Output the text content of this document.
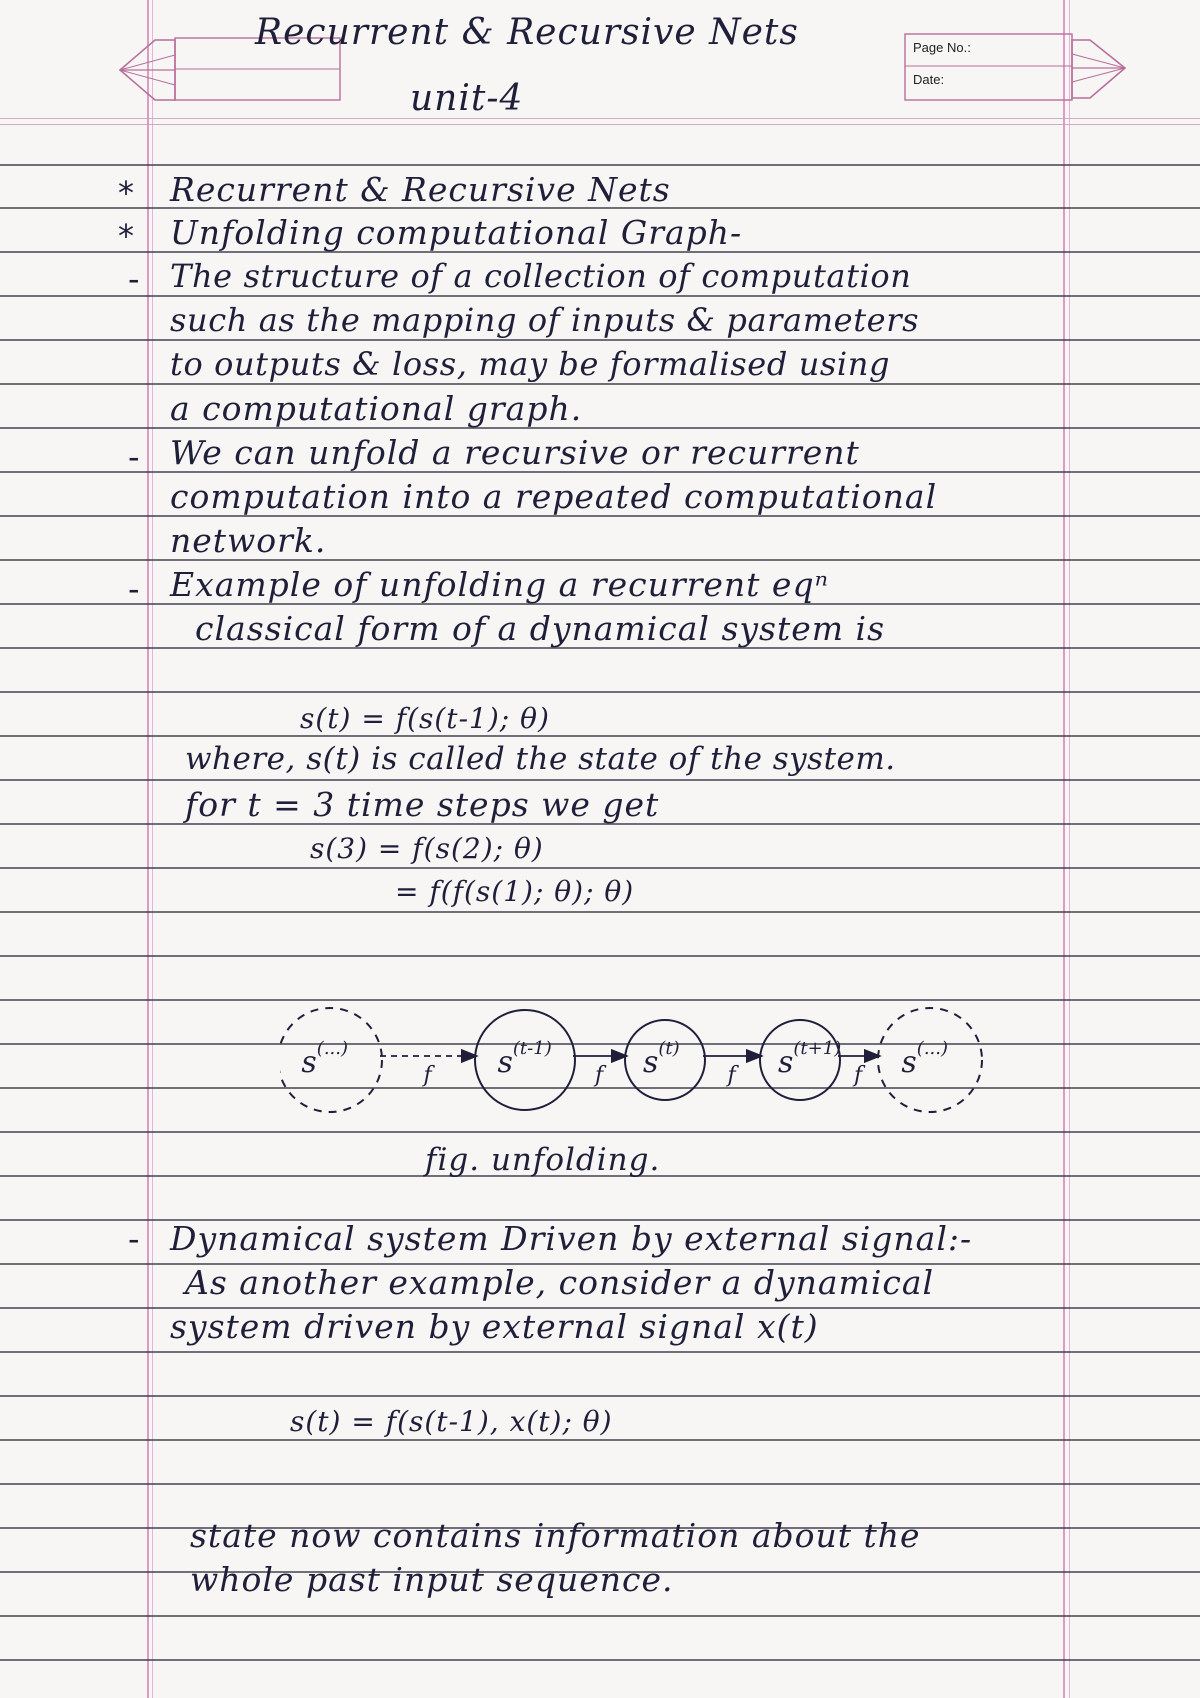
Page No.:
Date:
Recurrent & Recursive Nets
unit-4
*
*
-
-
-
-
Recurrent & Recursive Nets
Unfolding computational Graph-
The structure of a collection of computation
such as the mapping of inputs & parameters
to outputs & loss, may be formalised using
a computational graph.
We can unfold a recursive or recurrent
computation into a repeated computational
network.
Example of unfolding a recurrent eqⁿ
classical form of a dynamical system is
s(t) = f(s(t-1); θ)
where, s(t) is called the state of the system.
for t = 3 time steps we get
s(3) = f(s(2); θ)
= f(f(s(1); θ); θ)
s(...)
f $s^{(t-1)}$
f $s^{(t)}$
f $s^{(t+1)}$
f s(...)
fig. unfolding.
Dynamical system Driven by external signal:-
As another example, consider a dynamical
system driven by external signal x(t)
s(t) = f(s(t-1), x(t); θ)
state now contains information about the
whole past input sequence.
